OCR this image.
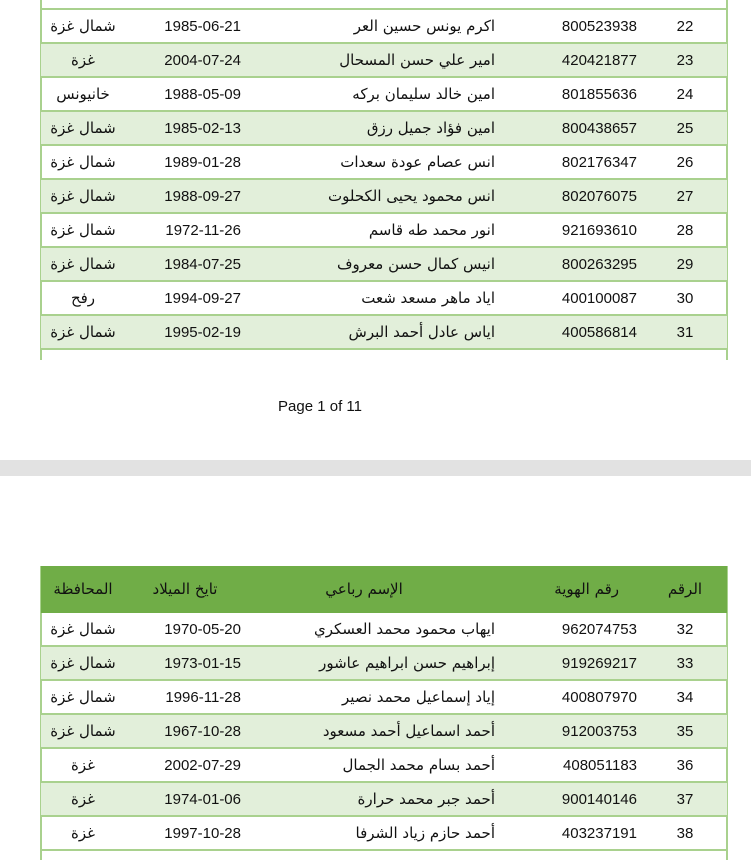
22	800523938	اكرم يونس حسين العر	1985-06-21	شمال غزة
23	420421877	امير علي حسن المسحال	2004-07-24	غزة
24	801855636	امين خالد سليمان بركه	1988-05-09	خانيونس
25	800438657	امين فؤاد جميل رزق	1985-02-13	شمال غزة
26	802176347	انس عصام عودة سعدات	1989-01-28	شمال غزة
27	802076075	انس محمود يحيى الكحلوت	1988-09-27	شمال غزة
28	921693610	انور محمد طه قاسم	1972-11-26	شمال غزة
29	800263295	انيس كمال حسن معروف	1984-07-25	شمال غزة
30	400100087	اياد ماهر مسعد شعت	1994-09-27	رفح
31	400586814	اياس عادل أحمد البرش	1995-02-19	شمال غزة
Page 1 of 11
الرقم	رقم الهوية	الإسم رباعي	تايخ الميلاد	المحافظة
32	962074753	ايهاب محمود محمد العسكري	1970-05-20	شمال غزة
33	919269217	إبراهيم حسن ابراهيم عاشور	1973-01-15	شمال غزة
34	400807970	إياد إسماعيل محمد نصير	1996-11-28	شمال غزة
35	912003753	أحمد اسماعيل أحمد مسعود	1967-10-28	شمال غزة
36	408051183	أحمد بسام محمد الجمال	2002-07-29	غزة
37	900140146	أحمد جبر محمد حرارة	1974-01-06	غزة
38	403237191	أحمد حازم زياد الشرفا	1997-10-28	غزة
